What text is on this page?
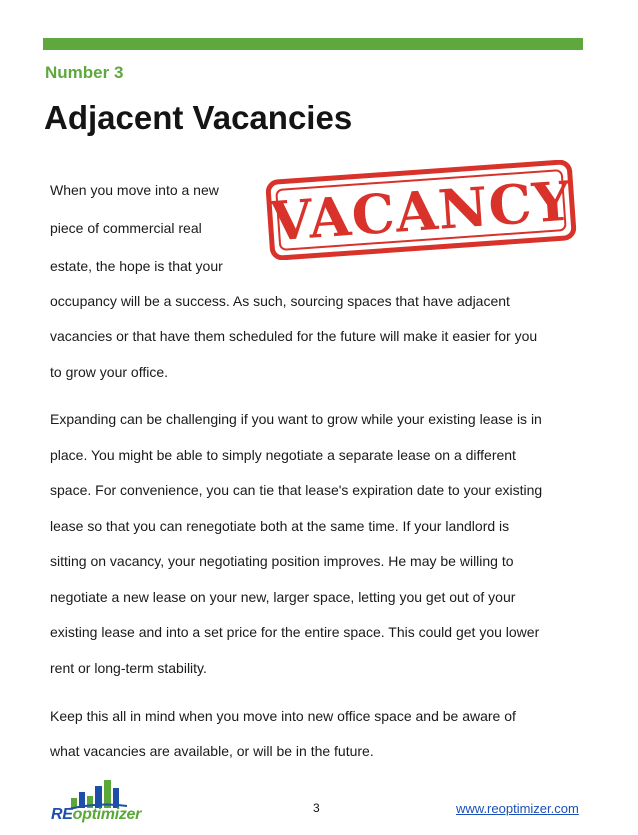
Number 3
Adjacent Vacancies
VACANCY
When you move into a new
piece of commercial real
estate, the hope is that your
occupancy will be a success. As such, sourcing spaces that have adjacent
vacancies or that have them scheduled for the future will make it easier for you
to grow your office.
Expanding can be challenging if you want to grow while your existing lease is in
place. You might be able to simply negotiate a separate lease on a different
space. For convenience, you can tie that lease's expiration date to your existing
lease so that you can renegotiate both at the same time. If your landlord is
sitting on vacancy, your negotiating position improves. He may be willing to
negotiate a new lease on your new, larger space, letting you get out of your
existing lease and into a set price for the entire space. This could get you lower
rent or long-term stability.
Keep this all in mind when you move into new office space and be aware of
what vacancies are available, or will be in the future.
REoptimizer	3	www.reoptimizer.com
